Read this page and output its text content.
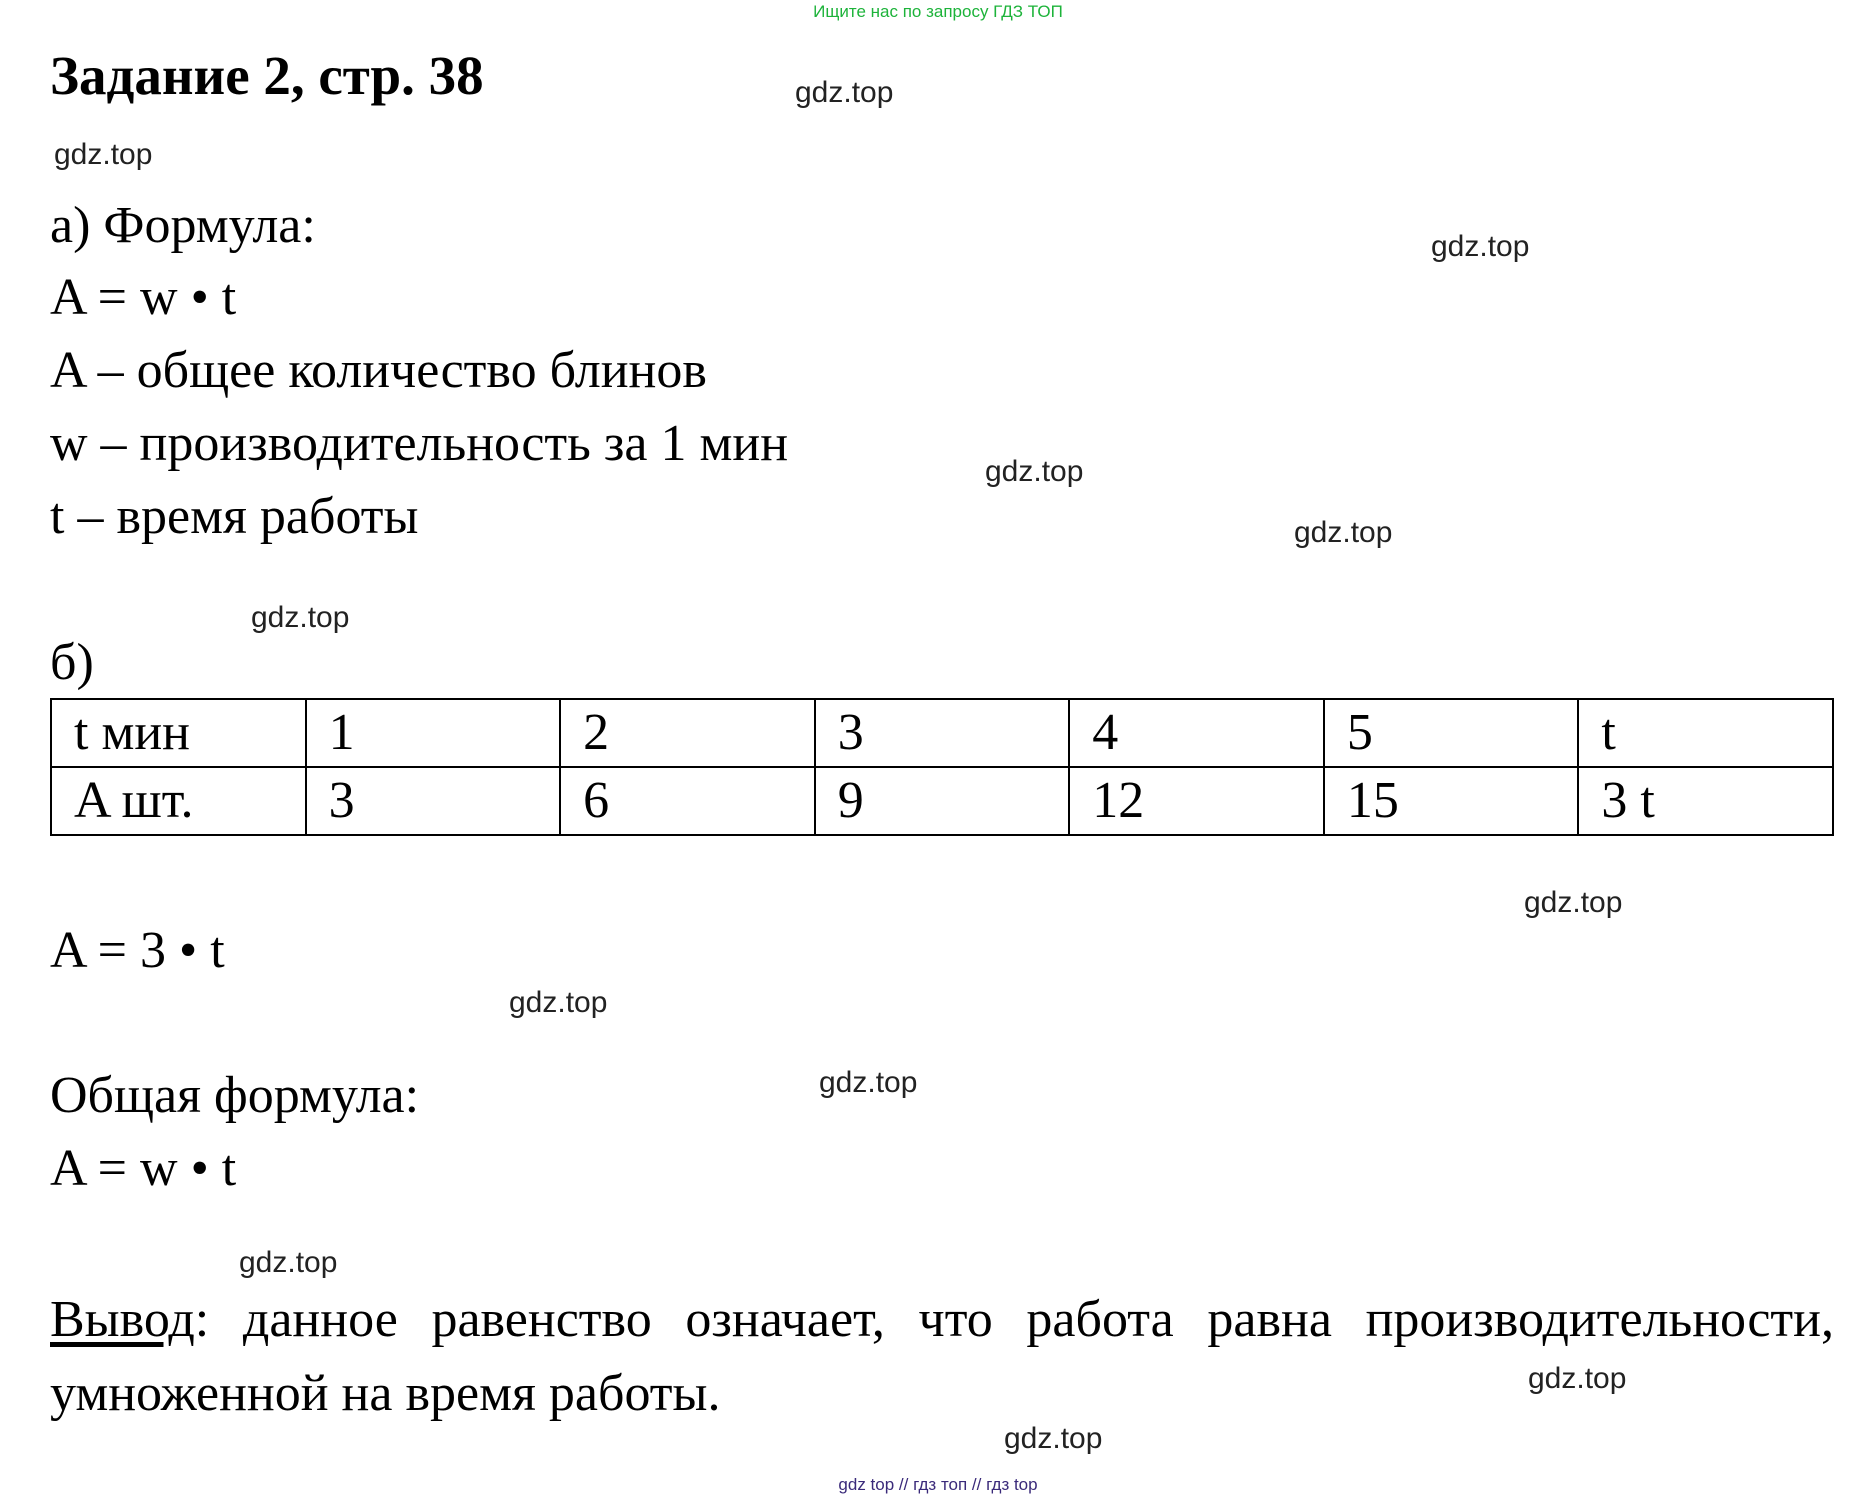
Ищите нас по запросу ГДЗ ТОП
Задание 2, стр. 38
а) Формула:
A = w • t
A – общее количество блинов
w – производительность за 1 мин
t – время работы
б)
t мин	1	2	3	4	5	t
A шт.	3	6	9	12	15	3 t
A = 3 • t
Общая формула:
A = w • t
Вывод: данное равенство означает, что работа равна производительности, умноженной на время работы.
gdz.top
gdz.top
gdz.top
gdz.top
gdz.top
gdz.top
gdz.top
gdz.top
gdz.top
gdz.top
gdz.top
gdz.top
gdz top // гдз топ // гдз top
